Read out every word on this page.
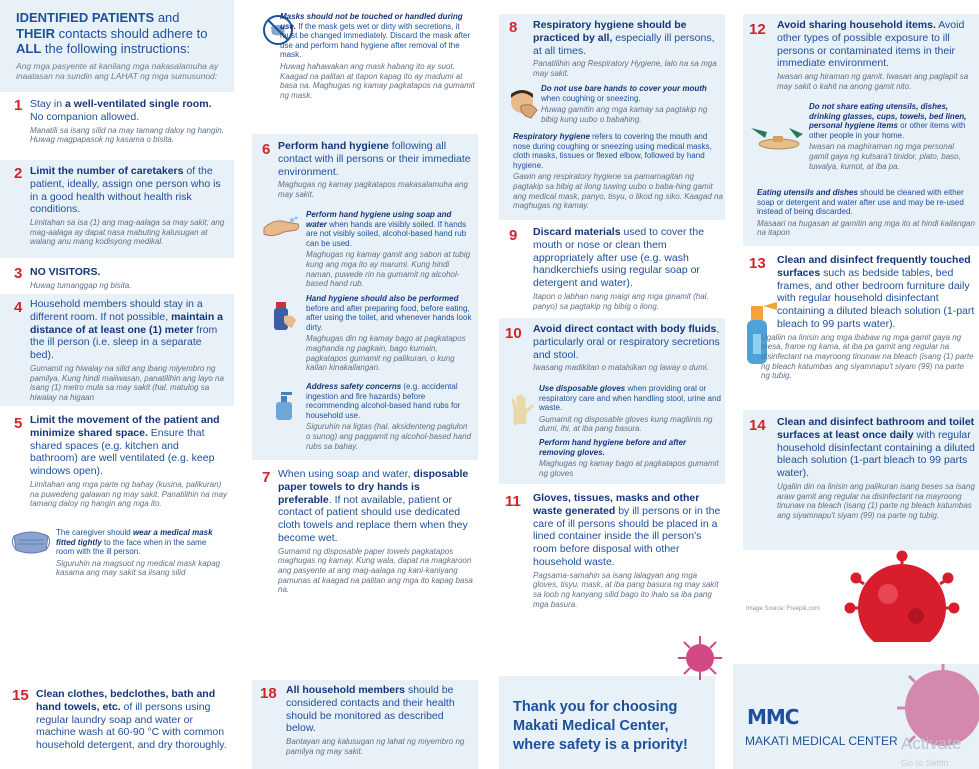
IDENTIFIED PATIENTS and
THEIR contacts should adhere to
ALL the following instructions:
Ang mga pasyente at kanilang mga nakasalamuha ay inaatasan na sundin ang LAHAT ng mga sumusunod:
1 Stay in a well-ventilated single room. No companion allowed.
Manatili sa isang silid na may tamang daloy ng hangin. Huwag magpapasok ng kasama o bisita.
2 Limit the number of caretakers of the patient, ideally, assign one person who is in a good health without health risk conditions.
Limitahan sa isa (1) ang mag-aalaga sa may sakit; ang mag-aalaga ay dapat nasa mabuting kalusugan at walang anu mang kodisyong medikal.
3 NO VISITORS.
Huwag tumanggap ng bisita.
4 Household members should stay in a different room. If not possible, maintain a distance of at least one (1) meter from the ill person (i.e. sleep in a separate bed).
Gumamit ng hiwalay na silid ang ibang miyembro ng pamilya. Kung hindi maiiwasan, panatilihin ang layo na isang (1) metro mula sa may sakit (hal. matulog sa hiwalay na higaan
5 Limit the movement of the patient and minimize shared space. Ensure that shared spaces (e.g. kitchen and bathroom) are well ventilated (e.g. keep windows open).
Limitahan ang mga parte ng bahay (kusina, palikuran) na puwedeng galawan ng may sakit. Panatilihin na may tamang daloy ng hangin ang mga ito.
The caregiver should wear a medical mask fitted tightly to the face when in the same room with the ill person.
Siguruhin na magsuot ng medical mask kapag kasama ang may sakit sa iisang silid
15 Clean clothes, bedclothes, bath and hand towels, etc. of ill persons using regular laundry soap and water or machine wash at 60-90 °C with common household detergent, and dry thoroughly.
Masks should not be touched or handled during use. If the mask gets wet or dirty with secretions, it must be changed immediately. Discard the mask after use and perform hand hygiene after removal of the mask.
Huwag hahawakan ang mask habang ito ay suot. Kaagad na palitan at itapon kapag ito ay madumi at basa na. Maghugas ng kamay pagkatapos na gumamit ng mask.
6 Perform hand hygiene following all contact with ill persons or their immediate environment.
Maghugas ng kamay pagkatapos makasalamuha ang may sakit.
Perform hand hygiene using soap and water when hands are visibly soiled. If hands are not visibly soiled, alcohol-based hand rub can be used.
Maghugas ng kamay gamit ang sabon at tubig kung ang mga ito ay marumi. Kung hindi naman, puwede rin na gumamit ng alcohol-based hand rub.
Hand hygiene should also be performed before and after preparing food, before eating, after using the toilet, and whenever hands look dirty.
Maghugas din ng kamay bago at pagkatapos maghanda ng pagkain, bago kumain, pagkatapos gumamit ng palikuran, o kung kailan kinakailangan.
Address safety concerns (e.g. accidental ingestion and fire hazards) before recommending alcohol-based hand rubs for household use.
Siguruhin na ligtas (hal. aksidenteng paglulon o sunog) ang paggamit ng alcohol-based hand rubs sa bahay.
7 When using soap and water, disposable paper towels to dry hands is preferable. If not available, patient or contact of patient should use dedicated cloth towels and replace them when they become wet.
Gumamit ng disposable paper towels pagkatapos maghugas ng kamay. Kung wala, dapat na magkaroon ang pasyente at ang mag-aalaga ng kani-kaniyang pamunas at kaagad na palitan ang mga ito kapag basa na.
18 All household members should be considered contacts and their health should be monitored as described below.
Bantayan ang kalusugan ng lahat ng miyembro ng pamilya ng may sakit.
8 Respiratory hygiene should be practiced by all, especially ill persons, at all times.
Panatilihin ang Respiratory Hygiene, lalo na sa mga may sakit.
Do not use bare hands to cover your mouth when coughing or sneezing.
Huwag gamitin ang mga kamay sa pagtakip ng bibig kung uubo o babahing.
Respiratory hygiene refers to covering the mouth and nose during coughing or sneezing using medical masks, cloth masks, tissues or flexed elbow, followed by hand hygiene.
Gawin ang respiratory hygiene sa pamamagitan ng pagtakip sa bibig at ilong tuwing uubo o baba-hing gamit ang medical mask, panyo, tisyu, o likod ng siko. Kaagad na maghugas ng kamay.
9 Discard materials used to cover the mouth or nose or clean them appropriately after use (e.g. wash handkerchiefs using regular soap or detergent and water).
Itapon o labhan nang maigi ang mga ginamit (hal. panyo) sa pagtakip ng bibig o ilong.
10 Avoid direct contact with body fluids, particularly oral or respiratory secretions and stool.
Iwasang madikitan o matalsikan ng laway o dumi.
Use disposable gloves when providing oral or respiratory care and when handling stool, urine and waste.
Gumamit ng disposable gloves kung magliinis ng dumi, ihi, at iba pang basura.
Perform hand hygiene before and after removing gloves.
Maghugas ng kamay bago at pagkatapos gumamit ng gloves
11 Gloves, tissues, masks and other waste generated by ill persons or in the care of ill persons should be placed in a lined container inside the ill person's room before disposal with other household waste.
Pagsama-samahin sa isang lalagyan ang mga gloves, tisyu, mask, at iba pang basura ng may sakit sa loob ng kanyang silid bago ito ihalo sa iba pang mga basura.
Thank you for choosing Makati Medical Center, where safety is a priority!
12 Avoid sharing household items. Avoid other types of possible exposure to ill persons or contaminated items in their immediate environment.
Iwasan ang hiraman ng gamit. Iwasan ang paglapit sa may sakit o kahit na anong gamit nito.
Do not share eating utensils, dishes, drinking glasses, cups, towels, bed linen, personal hygiene items or other items with other people in your home.
Iwasan na maghiraman ng mga personal gamit gaya ng kutsara't tinidor, plato, baso, tuwalya, kumot, at iba pa.
Eating utensils and dishes should be cleaned with either soap or detergent and water after use and may be re-used instead of being discarded.
Masaari na hugasan at gamitin ang mga ito at hindi kailangan na itapon
13 Clean and disinfect frequently touched surfaces such as bedside tables, bed frames, and other bedroom furniture daily with regular household disinfectant containing a diluted bleach solution (1-part bleach to 99 parts water).
Ugaliin na linisin ang mga ibabaw ng mga gamit gaya ng mesa, frame ng kama, at iba pa gamit ang regular na disinfectant na mayroong tinunaw na bleach (isang (1) parte ng bleach katumbas ang siyamnapu't siyam (99) na parte ng tubig.
14 Clean and disinfect bathroom and toilet surfaces at least once daily with regular household disinfectant containing a diluted bleach solution (1-part bleach to 99 parts water).
Ugaliin din na linisin ang palikuran isang beses sa isang araw gamit ang regular na disinfectant na mayroong tinunaw na bleach (isang (1) parte ng bleach katumbas ang siyamnapu't siyam (99) na parte ng tubig.
Image Source: Freepik.com
MMC
MAKATI MEDICAL CENTER Activate
Go to Settin
